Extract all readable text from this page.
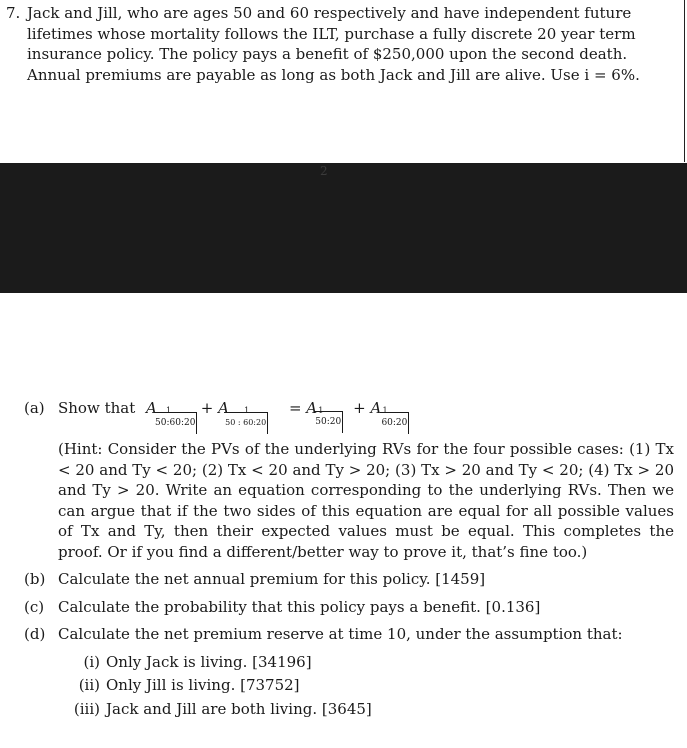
7. Jack and Jill, who are ages 50 and 60 respectively and have independent future lifetimes whose mortality follows the ILT, purchase a fully discrete 20 year term insurance policy. The policy pays a benefit of $250,000 upon the second death. Annual premiums are payable as long as both Jack and Jill are alive. Use i = 6%.
2
(a) Show that A 1
50:60:20
+ A 1
50 : 60:20
= A 1
50:20
+ A 1
60:20
(Hint: Consider the PVs of the underlying RVs for the four possible cases: (1) Tx < 20 and Ty < 20; (2) Tx < 20 and Ty > 20; (3) Tx > 20 and Ty < 20; (4) Tx > 20 and Ty > 20. Write an equation corresponding to the underlying RVs. Then we can argue that if the two sides of this equation are equal for all possible values of Tx and Ty, then their expected values must be equal. This completes the proof. Or if you find a different/better way to prove it, that’s fine too.)
(b) Calculate the net annual premium for this policy. [1459]
(c) Calculate the probability that this policy pays a benefit. [0.136]
(d) Calculate the net premium reserve at time 10, under the assumption that:
(i) Only Jack is living. [34196]
(ii) Only Jill is living. [73752]
(iii) Jack and Jill are both living. [3645]
